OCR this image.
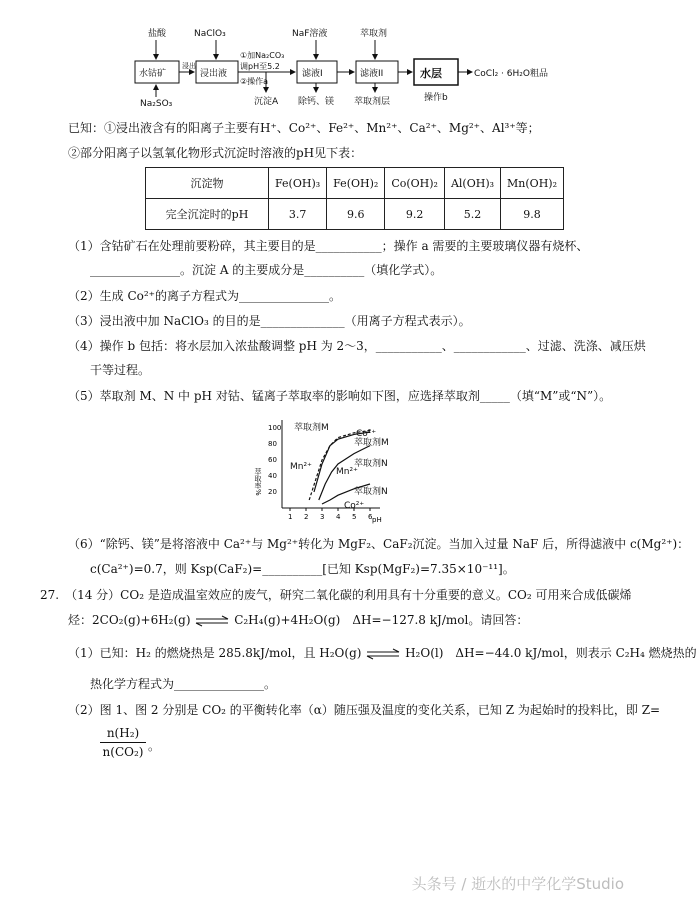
盐酸
水钴矿
Na₂SO₃
浸出
NaClO₃
浸出液
①加Na₂CO₃
调pH至5.2
②操作a
沉淀A
NaF溶液
滤液I
除钙、镁
萃取剂
滤液II
萃取剂层
水层	CoCl₂ · 6H₂O粗品
操作b
已知：①浸出液含有的阳离子主要有H⁺、Co²⁺、Fe²⁺、Mn²⁺、Ca²⁺、Mg²⁺、Al³⁺等；
②部分阳离子以氢氧化物形式沉淀时溶液的pH见下表：
沉淀物	Fe(OH)₃	Fe(OH)₂	Co(OH)₂	Al(OH)₃	Mn(OH)₂
完全沉淀时的pH	3.7	9.6	9.2	5.2	9.8
（1）含钴矿石在处理前要粉碎，其主要目的是___________；操作 a 需要的主要玻璃仪器有烧杯、
_______________。沉淀 A 的主要成分是__________（填化学式）。
（2）生成 Co²⁺的离子方程式为_______________。
（3）浸出液中加 NaClO₃ 的目的是______________（用离子方程式表示）。
（4）操作 b 包括：将水层加入浓盐酸调整 pH 为 2～3，___________、____________、过滤、洗涤、减压烘
干等过程。
（5）萃取剂 M、N 中 pH 对钴、锰离子萃取率的影响如下图，应选择萃取剂_____（填“M”或“N”）。
萃取率%
pH
1 2 3 4 5 6
20
40
60
80
100 萃取剂M
Co²⁺
萃取剂M
Mn²⁺	Mn²⁺
萃取剂N
萃取剂N
Co²⁺
（6）“除钙、镁”是将溶液中 Ca²⁺与 Mg²⁺转化为 MgF₂、CaF₂沉淀。当加入过量 NaF 后，所得滤液中 c(Mg²⁺)：
c(Ca²⁺)=0.7，则 Ksp(CaF₂)=__________[已知 Ksp(MgF₂)=7.35×10⁻¹¹]。
27.　（14 分）CO₂ 是造成温室效应的废气，研究二氧化碳的利用具有十分重要的意义。CO₂ 可用来合成低碳烯
烃：2CO₂(g)+6H₂(g) ⇌ C₂H₄(g)+4H₂O(g)　ΔH=−127.8 kJ/mol。请回答：
（1）已知：H₂ 的燃烧热是 285.8kJ/mol，且 H₂O(g) ⇌ H₂O(l)　ΔH=−44.0 kJ/mol，则表示 C₂H₄ 燃烧热的
热化学方程式为_______________。
（2）图 1、图 2 分别是 CO₂ 的平衡转化率（α）随压强及温度的变化关系，已知 Z 为起始时的投料比，即 Z=
$\frac{\text{n(H₂)}}{\text{n(CO₂)}}$ 。
头条号 / 逝水的中学化学Studio
